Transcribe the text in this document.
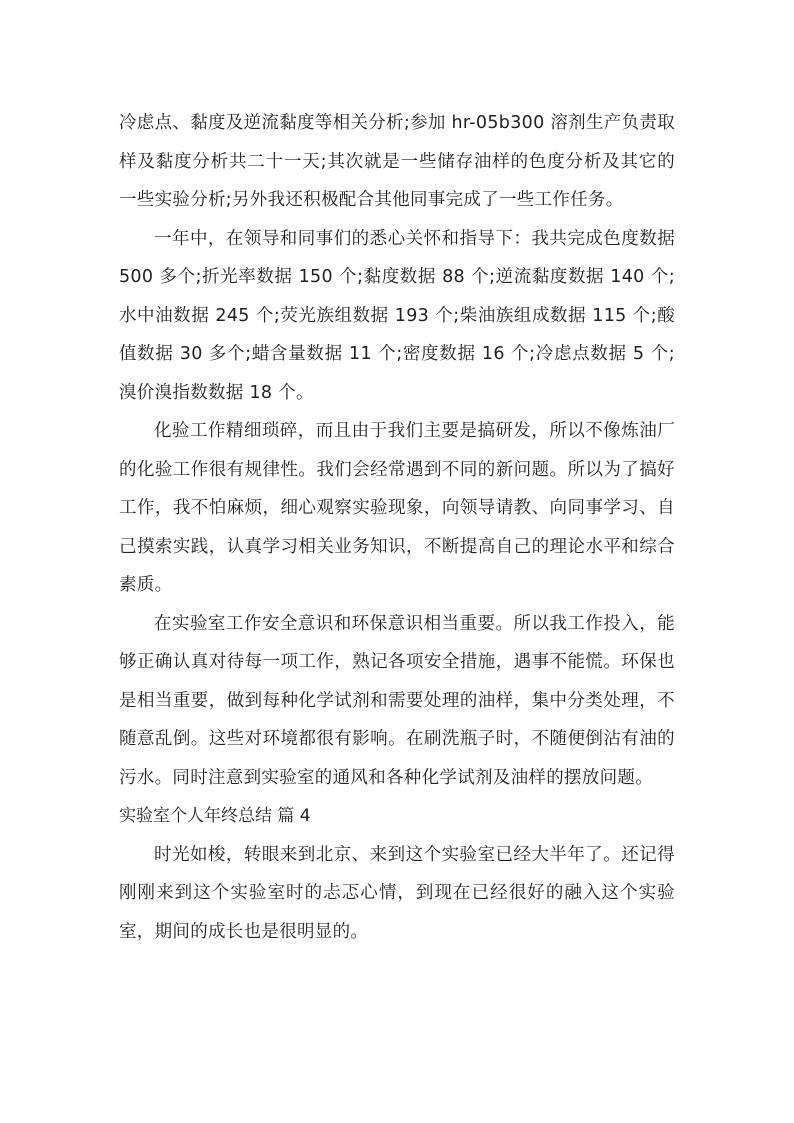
冷虑点、黏度及逆流黏度等相关分析;参加 hr-05b300 溶剂生产负责取样及黏度分析共二十一天;其次就是一些储存油样的色度分析及其它的一些实验分析;另外我还积极配合其他同事完成了一些工作任务。

一年中，在领导和同事们的悉心关怀和指导下：我共完成色度数据 500 多个;折光率数据 150 个;黏度数据 88 个;逆流黏度数据 140 个;水中油数据 245 个;荧光族组数据 193 个;柴油族组成数据 115 个;酸值数据 30 多个;蜡含量数据 11 个;密度数据 16 个;冷虑点数据 5 个;溴价溴指数数据 18 个。

化验工作精细琐碎，而且由于我们主要是搞研发，所以不像炼油厂的化验工作很有规律性。我们会经常遇到不同的新问题。所以为了搞好工作，我不怕麻烦，细心观察实验现象，向领导请教、向同事学习、自己摸索实践，认真学习相关业务知识，不断提高自己的理论水平和综合素质。

在实验室工作安全意识和环保意识相当重要。所以我工作投入，能够正确认真对待每一项工作，熟记各项安全措施，遇事不能慌。环保也是相当重要，做到每种化学试剂和需要处理的油样，集中分类处理，不随意乱倒。这些对环境都很有影响。在刷洗瓶子时，不随便倒沾有油的污水。同时注意到实验室的通风和各种化学试剂及油样的摆放问题。

实验室个人年终总结 篇 4

时光如梭，转眼来到北京、来到这个实验室已经大半年了。还记得刚刚来到这个实验室时的忐忑心情，到现在已经很好的融入这个实验室，期间的成长也是很明显的。
